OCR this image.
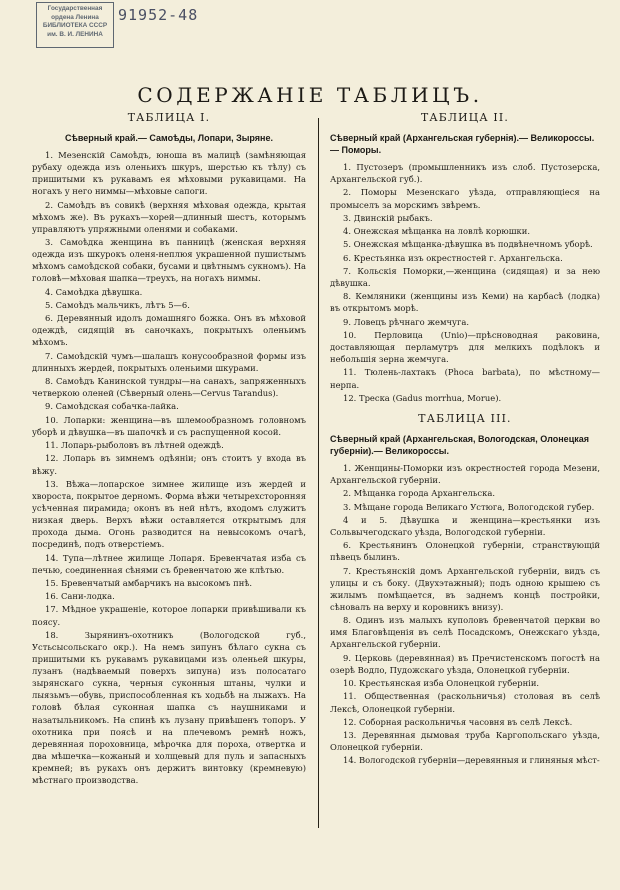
Государственная
ордена Ленина
БИБЛИОТЕКА СССР
им. В. И. ЛЕНИНА
91952-48
СОДЕРЖАНІЕ ТАБЛИЦЪ.
ТАБЛИЦА I.
Сѣверный край.— Самоѣды, Лопари, Зыряне.

1. Мезенскій Самоѣдъ, юноша въ малицѣ (замѣняющая рубаху одежда изъ оленьихъ шкуръ, шерстью къ тѣлу) съ пришитыми къ рукавамъ ея мѣховыми рукавицами. На ногахъ у него ниммы—мѣховые сапоги.

2. Самоѣдъ въ совикѣ (верхняя мѣховая одежда, крытая мѣхомъ же). Въ рукахъ—хорей—длинный шестъ, которымъ управляютъ упряжными оленями и собаками.

3. Самоѣдка женщина въ панницѣ (женская верхняя одежда изъ шкурокъ оленя-неплюя украшенной пушистымъ мѣхомъ самоѣдской собаки, бусами и цвѣтнымъ сукномъ). На головѣ—мѣховая шапка—треухъ, на ногахъ ниммы.

4. Самоѣдка дѣвушка.

5. Самоѣдъ мальчикъ, лѣтъ 5—6.

6. Деревянный идолъ домашняго божка. Онъ въ мѣховой одеждѣ, сидящій въ саночкахъ, покрытыхъ оленьимъ мѣхомъ.

7. Самоѣдскій чумъ—шалашъ конусообразной формы изъ длинныхъ жердей, покрытыхъ оленьими шкурами.

8. Самоѣдъ Канинской тундры—на санахъ, запряженныхъ четверкою оленей (Сѣверный олень—Cervus Tarandus).

9. Самоѣдская собачка-лайка.

10. Лопарки: женщина—въ шлемообразномъ головномъ уборѣ и дѣвушка—въ шапочкѣ и съ распущенной косой.

11. Лопарь-рыболовъ въ лѣтней одеждѣ.

12. Лопарь въ зимнемъ одѣяніи; онъ стоитъ у входа въ вѣжу.

13. Вѣжа—лопарское зимнее жилище изъ жердей и хвороста, покрытое дерномъ. Форма вѣжи четырехсторонняя усѣченная пирамида; оконъ въ ней нѣтъ, входомъ служитъ низкая дверь. Верхъ вѣжи оставляется открытымъ для прохода дыма. Огонь разводится на невысокомъ очагѣ, посрединѣ, подъ отверстіемъ.

14. Тупа—лѣтнее жилище Лопаря. Бревенчатая изба съ печью, соединенная сѣнями съ бревенчатою же клѣтью.

15. Бревенчатый амбарчикъ на высокомъ пнѣ.

16. Сани-лодка.

17. Мѣдное украшеніе, которое лопарки привѣшивали къ поясу.

18. Зырянинъ-охотникъ (Вологодской губ., Устьсысольскаго окр.). На немъ зипунъ бѣлаго сукна съ пришитыми къ рукавамъ рукавицами изъ оленьей шкуры, лузанъ (надѣваемый поверхъ зипуна) изъ полосатаго зырянскаго сукна, черныя суконныя штаны, чулки и лыязьмъ—обувь, приспособленная къ ходьбѣ на лыжахъ. На головѣ бѣлая суконная шапка съ наушниками и назатыльникомъ. На спинѣ къ лузану привѣшенъ топоръ. У охотника при поясѣ и на плечевомъ ремнѣ ножъ, деревянная пороховница, мѣрочка для пороха, отвертка и два мѣшечка—кожаный и холщевый для пуль и запасныхъ кремней; въ рукахъ онъ держитъ винтовку (кремневую) мѣстнаго производства.

ТАБЛИЦА II.
Сѣверный край (Архангельская губернія).— Великороссы.— Поморы.

1. Пустозеръ (промышленникъ изъ слоб. Пустозерска, Архангельской губ.).

2. Поморы Мезенскаго уѣзда, отправляющіеся на промыселъ за морскимъ звѣремъ.

3. Двинскій рыбакъ.

4. Онежская мѣщанка на ловлѣ корюшки.

5. Онежская мѣщанка-дѣвушка въ подвѣнечномъ уборѣ.

6. Крестьянка изъ окрестностей г. Архангельска.

7. Кольскія Поморки,—женщина (сидящая) и за нею дѣвушка.

8. Кемляники (женщины изъ Кеми) на карбасѣ (лодка) въ открытомъ морѣ.

9. Ловецъ рѣчнаго жемчуга.

10. Перловица (Unio)—прѣсноводная раковина, доставляющая перламутръ для мелкихъ подѣлокъ и небольшія зерна жемчуга.

11. Тюлень-лахтакъ (Phoca barbata), по мѣстному—нерпа.

12. Треска (Gadus morrhua, Morue).

ТАБЛИЦА III.
Сѣверный край (Архангельская, Вологодская, Олонецкая губерніи).— Великороссы.

1. Женщины-Поморки изъ окрестностей города Мезени, Архангельской губерніи.

2. Мѣщанка города Архангельска.

3. Мѣщане города Великаго Устюга, Вологодской губер.

4 и 5. Дѣвушка и женщина—крестьянки изъ Сольвычегодскаго уѣзда, Вологодской губерніи.

6. Крестьянинъ Олонецкой губерніи, странствующій пѣвецъ былинъ.

7. Крестьянскій домъ Архангельской губерніи, видъ съ улицы и съ боку. (Двухэтажный); подъ одною крышею съ жилымъ помѣщается, въ заднемъ концѣ постройки, сѣновалъ на верху и коровникъ внизу).

8. Одинъ изъ малыхъ куполовъ бревенчатой церкви во имя Благовѣщенія въ селѣ Посадскомъ, Онежскаго уѣзда, Архангельской губерніи.

9. Церковь (деревянная) въ Пречистенскомъ погостѣ на озерѣ Водло, Пудожскаго уѣзда, Олонецкой губерніи.

10. Крестьянская изба Олонецкой губерніи.

11. Общественная (раскольничья) столовая въ селѣ Лексѣ, Олонецкой губерніи.

12. Соборная раскольничья часовня въ селѣ Лексѣ.

13. Деревянная дымовая труба Каргопольскаго уѣзда, Олонецкой губерніи.

14. Вологодской губерніи—деревянныя и глиняныя мѣст-
